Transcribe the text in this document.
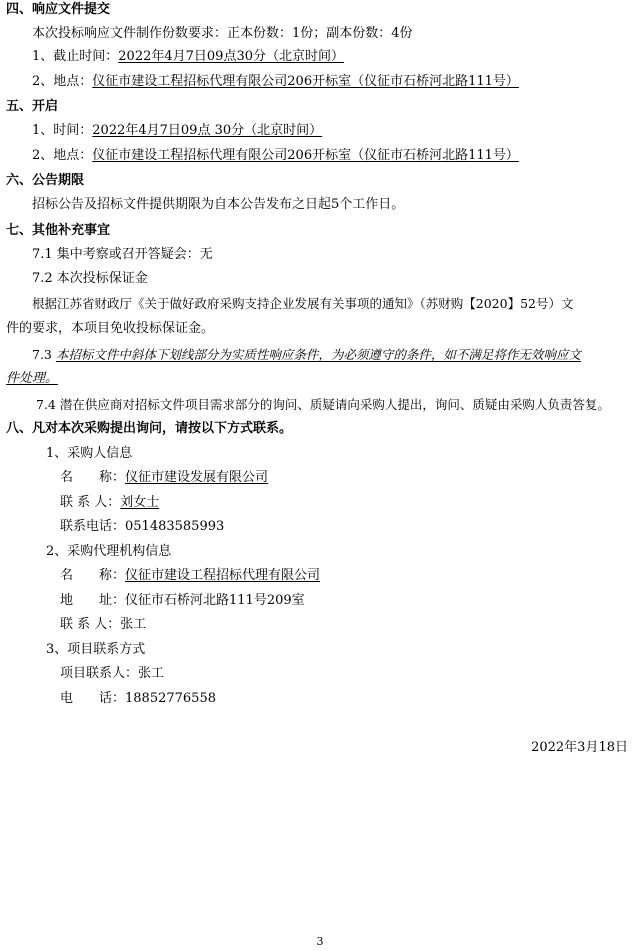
四、响应文件提交
本次投标响应文件制作份数要求：正本份数：1份；副本份数：4份
1、截止时间：2022年4月7日09点30分（北京时间）
2、地点：仪征市建设工程招标代理有限公司206开标室（仪征市石桥河北路111号）
五、开启
1、时间：2022年4月7日09点 30分（北京时间）
2、地点：仪征市建设工程招标代理有限公司206开标室（仪征市石桥河北路111号）
六、公告期限
招标公告及招标文件提供期限为自本公告发布之日起5个工作日。
七、其他补充事宜
7.1 集中考察或召开答疑会：无
7.2 本次投标保证金
根据江苏省财政厅《关于做好政府采购支持企业发展有关事项的通知》（苏财购【2020】52号）文
件的要求，本项目免收投标保证金。
7.3 本招标文件中斜体下划线部分为实质性响应条件，为必须遵守的条件，如不满足将作无效响应文
件处理。
7.4 潜在供应商对招标文件项目需求部分的询问、质疑请向采购人提出，询问、质疑由采购人负责答复。
八、凡对本次采购提出询问，请按以下方式联系。
1、采购人信息
名　　称：仪征市建设发展有限公司
联 系 人：刘女士
联系电话：051483585993
2、采购代理机构信息
名　　称：仪征市建设工程招标代理有限公司
地　　址：仪征市石桥河北路111号209室
联 系 人：张工
3、项目联系方式
项目联系人：张工
电　　话：18852776558
2022年3月18日
3
